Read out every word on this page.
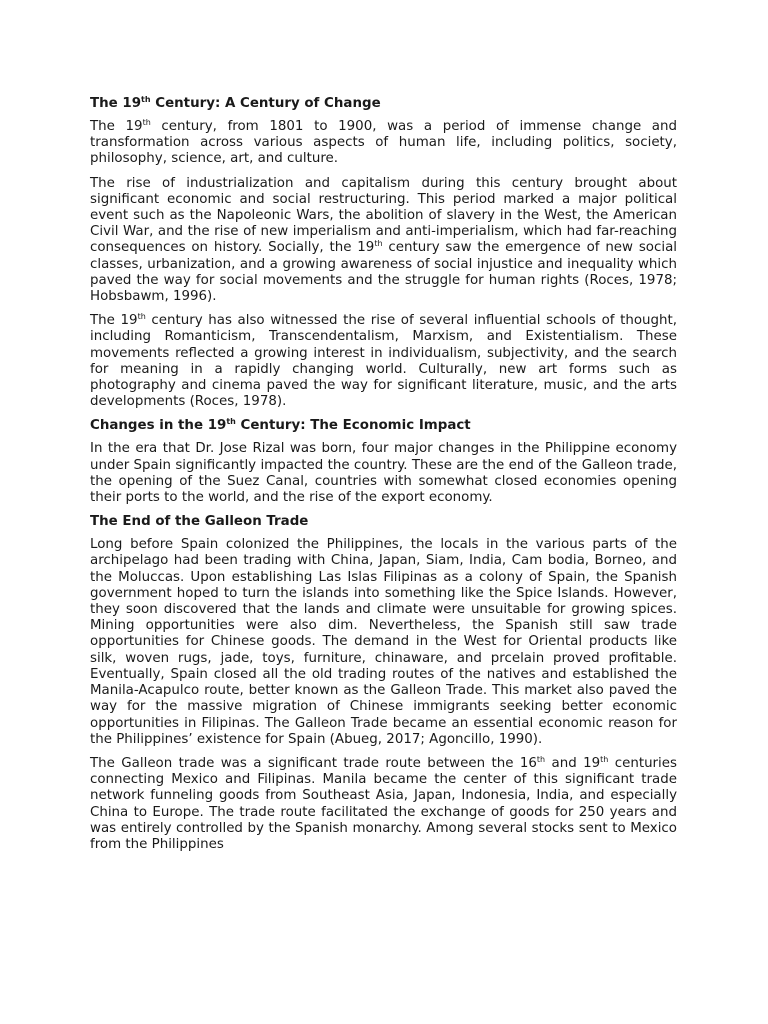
The 19th Century: A Century of Change

The 19th century, from 1801 to 1900, was a period of immense change and transformation across various aspects of human life, including politics, society, philosophy, science, art, and culture.

The rise of industrialization and capitalism during this century brought about significant economic and social restructuring. This period marked a major political event such as the Napoleonic Wars, the abolition of slavery in the West, the American Civil War, and the rise of new imperialism and anti-imperialism, which had far-reaching consequences on history. Socially, the 19th century saw the emergence of new social classes, urbanization, and a growing awareness of social injustice and inequality which paved the way for social movements and the struggle for human rights (Roces, 1978; Hobsbawm, 1996).

The 19th century has also witnessed the rise of several influential schools of thought, including Romanticism, Transcendentalism, Marxism, and Existentialism. These movements reflected a growing interest in individualism, subjectivity, and the search for meaning in a rapidly changing world. Culturally, new art forms such as photography and cinema paved the way for significant literature, music, and the arts developments (Roces, 1978).

Changes in the 19th Century: The Economic Impact

In the era that Dr. Jose Rizal was born, four major changes in the Philippine economy under Spain significantly impacted the country. These are the end of the Galleon trade, the opening of the Suez Canal, countries with somewhat closed economies opening their ports to the world, and the rise of the export economy.

The End of the Galleon Trade

Long before Spain colonized the Philippines, the locals in the various parts of the archipelago had been trading with China, Japan, Siam, India, Cam bodia, Borneo, and the Moluccas. Upon establishing Las Islas Filipinas as a colony of Spain, the Spanish government hoped to turn the islands into something like the Spice Islands. However, they soon discovered that the lands and climate were unsuitable for growing spices. Mining opportunities were also dim. Nevertheless, the Spanish still saw trade opportunities for Chinese goods. The demand in the West for Oriental products like silk, woven rugs, jade, toys, furniture, chinaware, and prcelain proved profitable. Eventually, Spain closed all the old trading routes of the natives and established the Manila-Acapulco route, better known as the Galleon Trade. This market also paved the way for the massive migration of Chinese immigrants seeking better economic opportunities in Filipinas. The Galleon Trade became an essential economic reason for the Philippines’ existence for Spain (Abueg, 2017; Agoncillo, 1990).

The Galleon trade was a significant trade route between the 16th and 19th centuries connecting Mexico and Filipinas. Manila became the center of this significant trade network funneling goods from Southeast Asia, Japan, Indonesia, India, and especially China to Europe. The trade route facilitated the exchange of goods for 250 years and was entirely controlled by the Spanish monarchy. Among several stocks sent to Mexico from the Philippines
